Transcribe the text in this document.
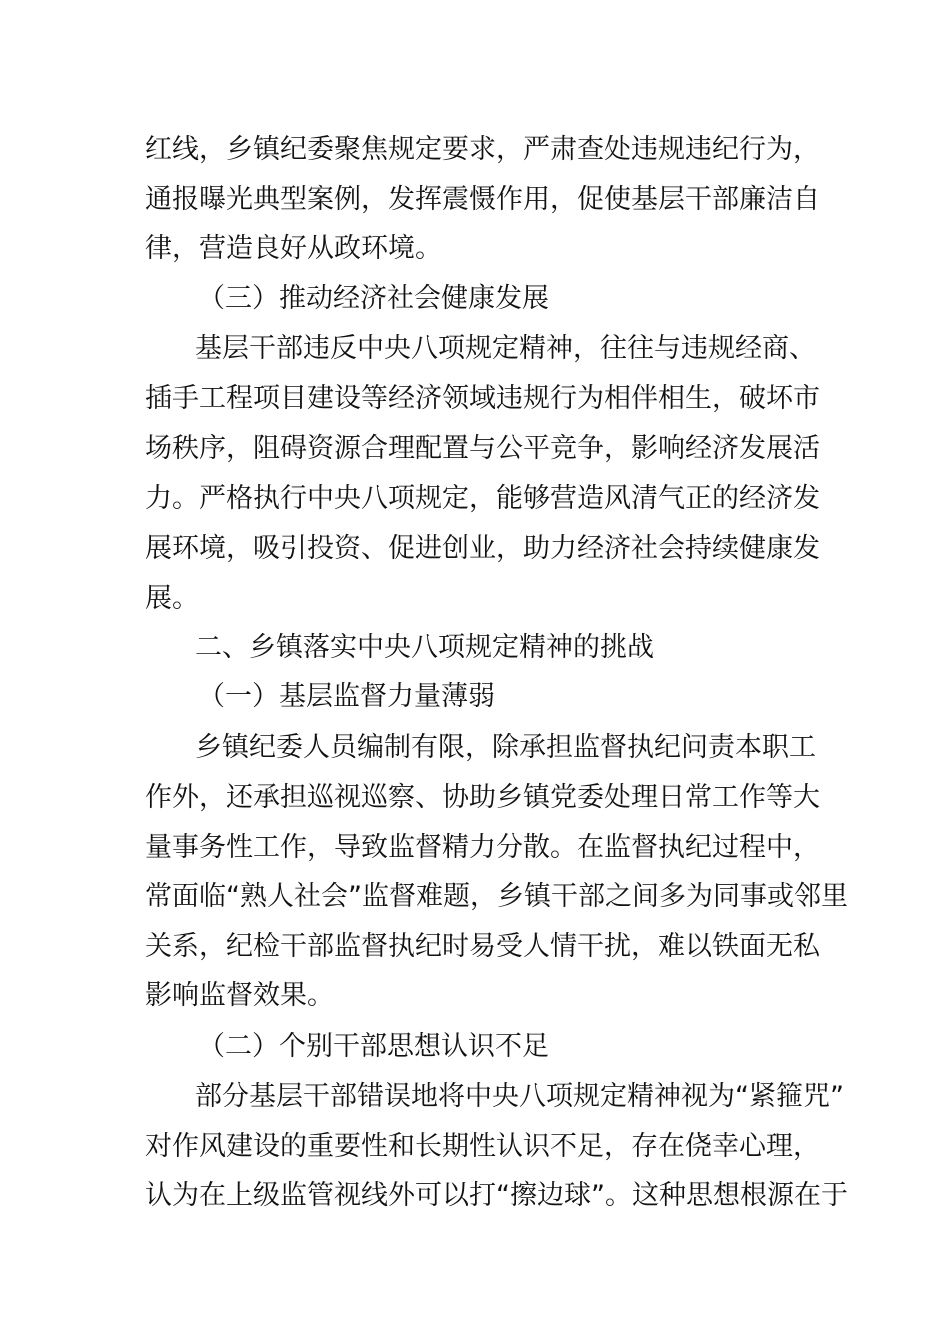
红线，乡镇纪委聚焦规定要求，严肃查处违规违纪行为，
通报曝光典型案例，发挥震慑作用，促使基层干部廉洁自
律，营造良好从政环境。
（三）推动经济社会健康发展
基层干部违反中央八项规定精神，往往与违规经商、
插手工程项目建设等经济领域违规行为相伴相生，破坏市
场秩序，阻碍资源合理配置与公平竞争，影响经济发展活
力。严格执行中央八项规定，能够营造风清气正的经济发
展环境，吸引投资、促进创业，助力经济社会持续健康发
展。
二、乡镇落实中央八项规定精神的挑战
（一）基层监督力量薄弱
乡镇纪委人员编制有限，除承担监督执纪问责本职工
作外，还承担巡视巡察、协助乡镇党委处理日常工作等大
量事务性工作，导致监督精力分散。在监督执纪过程中，
常面临“熟人社会”监督难题，乡镇干部之间多为同事或邻里
关系，纪检干部监督执纪时易受人情干扰，难以铁面无私
影响监督效果。
（二）个别干部思想认识不足
部分基层干部错误地将中央八项规定精神视为“紧箍咒”
对作风建设的重要性和长期性认识不足，存在侥幸心理，
认为在上级监管视线外可以打“擦边球”。这种思想根源在于
